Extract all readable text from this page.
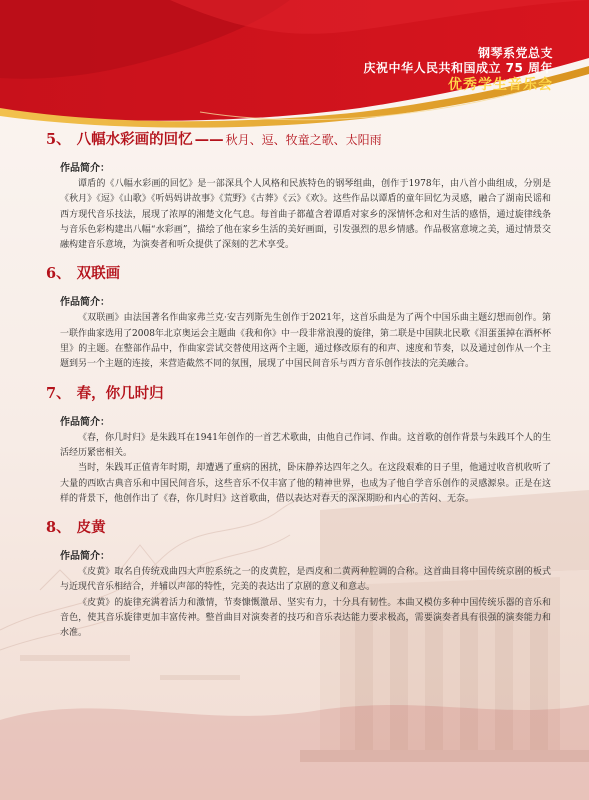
钢琴系党总支
庆祝中华人民共和国成立 75 周年
优秀学生音乐会
5、 八幅水彩画的回忆 —— 秋月、逗、牧童之歌、太阳雨
作品简介：

谭盾的《八幅水彩画的回忆》是一部深具个人风格和民族特色的钢琴组曲，创作于1978年，由八首小曲组成，分别是《秋月》《逗》《山歌》《听妈妈讲故事》《荒野》《古葬》《云》《欢》。这些作品以谭盾的童年回忆为灵感，融合了湖南民谣和西方现代音乐技法，展现了浓厚的湘楚文化气息。每首曲子都蕴含着谭盾对家乡的深情怀念和对生活的感悟，通过旋律线条与音乐色彩构建出八幅“水彩画”，描绘了他在家乡生活的美好画面，引发强烈的思乡情感。作品极富意境之美，通过情景交融构建音乐意境，为演奏者和听众提供了深刻的艺术享受。

6、 双联画
作品简介：

《双联画》由法国著名作曲家弗兰克·安吉列斯先生创作于2021年，这首乐曲是为了两个中国乐曲主题幻想而创作。第一联作曲家选用了2008年北京奥运会主题曲《我和你》中一段非常浪漫的旋律，第二联是中国陕北民歌《泪蛋蛋掉在酒杯杯里》的主题。在整部作品中，作曲家尝试交替使用这两个主题，通过修改原有的和声、速度和节奏，以及通过创作从一个主题到另一个主题的连接，来营造截然不同的氛围，展现了中国民间音乐与西方音乐创作技法的完美融合。

7、 春，你几时归
作品简介：

《春，你几时归》是朱践耳在1941年创作的一首艺术歌曲，由他自己作词、作曲。这首歌的创作背景与朱践耳个人的生活经历紧密相关。

当时，朱践耳正值青年时期，却遭遇了重病的困扰，卧床静养达四年之久。在这段艰难的日子里，他通过收音机收听了大量的西欧古典音乐和中国民间音乐，这些音乐不仅丰富了他的精神世界，也成为了他自学音乐创作的灵感源泉。正是在这样的背景下，他创作出了《春，你几时归》这首歌曲，借以表达对春天的深深期盼和内心的苦闷、无奈。

8、 皮黄
作品简介：

《皮黄》取名自传统戏曲四大声腔系统之一的皮黄腔，是西皮和二黄两种腔调的合称。这首曲目将中国传统京剧的板式与近现代音乐相结合，并辅以声部的特性，完美的表达出了京剧的意义和意志。

《皮黄》的旋律充满着活力和激情，节奏慷慨激昂、坚实有力，十分具有韧性。本曲又模仿多种中国传统乐器的音乐和音色，使其音乐旋律更加丰富传神。整首曲目对演奏者的技巧和音乐表达能力要求极高，需要演奏者具有很强的演奏能力和水准。
